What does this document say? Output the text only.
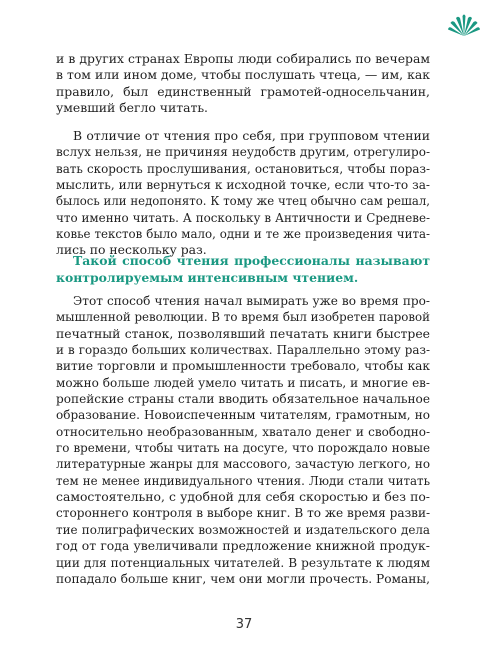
и в других странах Европы люди собирались по вечерам
в том или ином доме, чтобы послушать чтеца, — им, как
правило, был единственный грамотей-односельчанин,
умевший бегло читать.
В отличие от чтения про себя, при групповом чтении
вслух нельзя, не причиняя неудобств другим, отрегулиро-
вать скорость прослушивания, остановиться, чтобы порaз-
мыслить, или вернуться к исходной точке, если что-то за-
былось или недопонято. К тому же чтец обычно сам решал,
что именно читать. А поскольку в Античности и Средневе-
ковье текстов было мало, одни и те же произведения чита-
лись по нескольку раз.
Такой способ чтения профессионалы называют
контролируемым интенсивным чтением.
Этот способ чтения начал вымирать уже во время про-
мышленной революции. В то время был изобретен паровой
печатный станок, позволявший печатать книги быстрее
и в гораздо больших количествах. Параллельно этому раз-
витие торговли и промышленности требовало, чтобы как
можно больше людей умело читать и писать, и многие ев-
ропейские страны стали вводить обязательное начальное
образование. Новоиспеченным читателям, грамотным, но
относительно необразованным, хватало денег и свободно-
го времени, чтобы читать на досуге, что порождало новые
литературные жанры для массового, зачастую легкого, но
тем не менее индивидуального чтения. Люди стали читать
самостоятельно, с удобной для себя скоростью и без по-
стороннего контроля в выборе книг. В то же время разви-
тие полиграфических возможностей и издательского дела
год от года увеличивали предложение книжной продук-
ции для потенциальных читателей. В результате к людям
попадало больше книг, чем они могли прочесть. Романы,
37
